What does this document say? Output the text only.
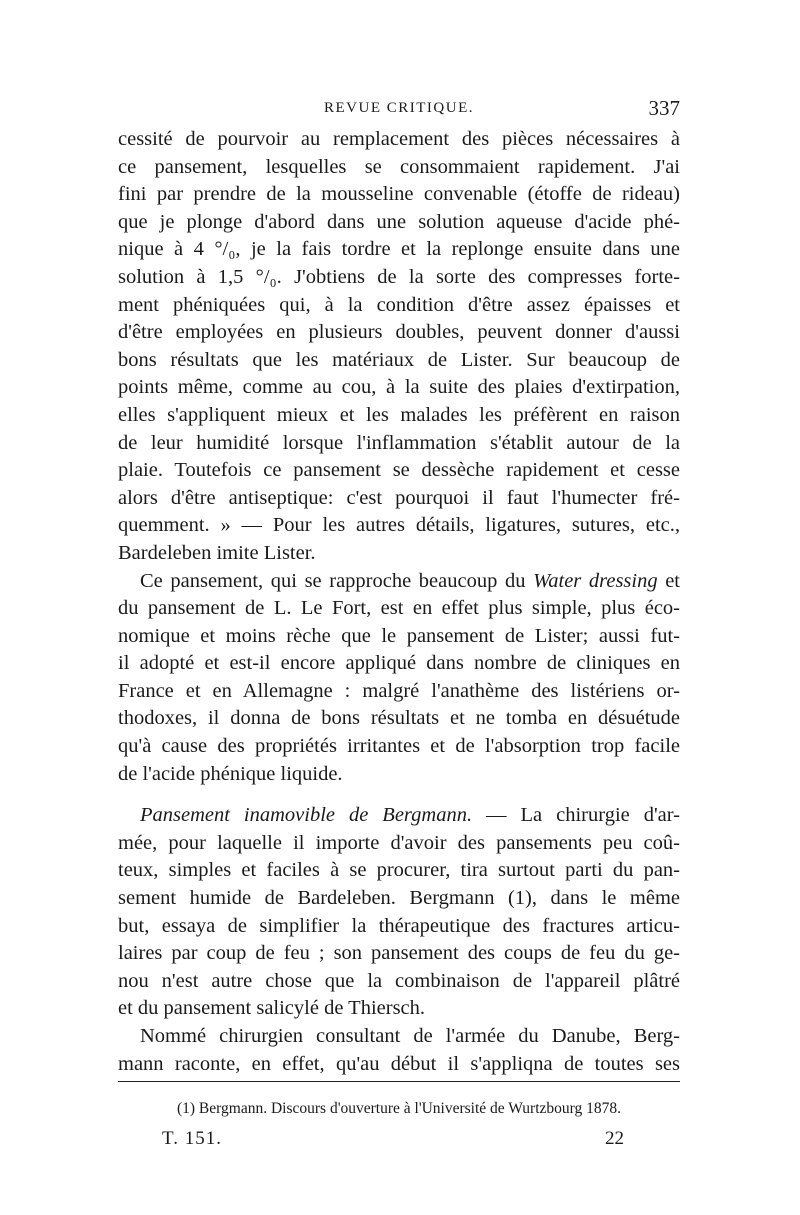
REVUE CRITIQUE.	337
cessité de pourvoir au remplacement des pièces nécessaires à
ce pansement, lesquelles se consommaient rapidement. J'ai
fini par prendre de la mousseline convenable (étoffe de rideau)
que je plonge d'abord dans une solution aqueuse d'acide phé-
nique à 4 °/₀, je la fais tordre et la replonge ensuite dans une
solution à 1,5 °/₀. J'obtiens de la sorte des compresses forte-
ment phéniquées qui, à la condition d'être assez épaisses et
d'être employées en plusieurs doubles, peuvent donner d'aussi
bons résultats que les matériaux de Lister. Sur beaucoup de
points même, comme au cou, à la suite des plaies d'extirpation,
elles s'appliquent mieux et les malades les préfèrent en raison
de leur humidité lorsque l'inflammation s'établit autour de la
plaie. Toutefois ce pansement se dessèche rapidement et cesse
alors d'être antiseptique: c'est pourquoi il faut l'humecter fré-
quemment. » — Pour les autres détails, ligatures, sutures, etc.,
Bardeleben imite Lister.
Ce pansement, qui se rapproche beaucoup du Water dressing et
du pansement de L. Le Fort, est en effet plus simple, plus éco-
nomique et moins rèche que le pansement de Lister; aussi fut-
il adopté et est-il encore appliqué dans nombre de cliniques en
France et en Allemagne : malgré l'anathème des listériens or-
thodoxes, il donna de bons résultats et ne tomba en désuétude
qu'à cause des propriétés irritantes et de l'absorption trop facile
de l'acide phénique liquide.
Pansement inamovible de Bergmann. — La chirurgie d'ar-
mée, pour laquelle il importe d'avoir des pansements peu coû-
teux, simples et faciles à se procurer, tira surtout parti du pan-
sement humide de Bardeleben. Bergmann (1), dans le même
but, essaya de simplifier la thérapeutique des fractures articu-
laires par coup de feu ; son pansement des coups de feu du ge-
nou n'est autre chose que la combinaison de l'appareil plâtré
et du pansement salicylé de Thiersch.
Nommé chirurgien consultant de l'armée du Danube, Berg-
mann raconte, en effet, qu'au début il s'appliqna de toutes ses
(1) Bergmann. Discours d'ouverture à l'Université de Wurtzbourg 1878.
T. 151.	22
